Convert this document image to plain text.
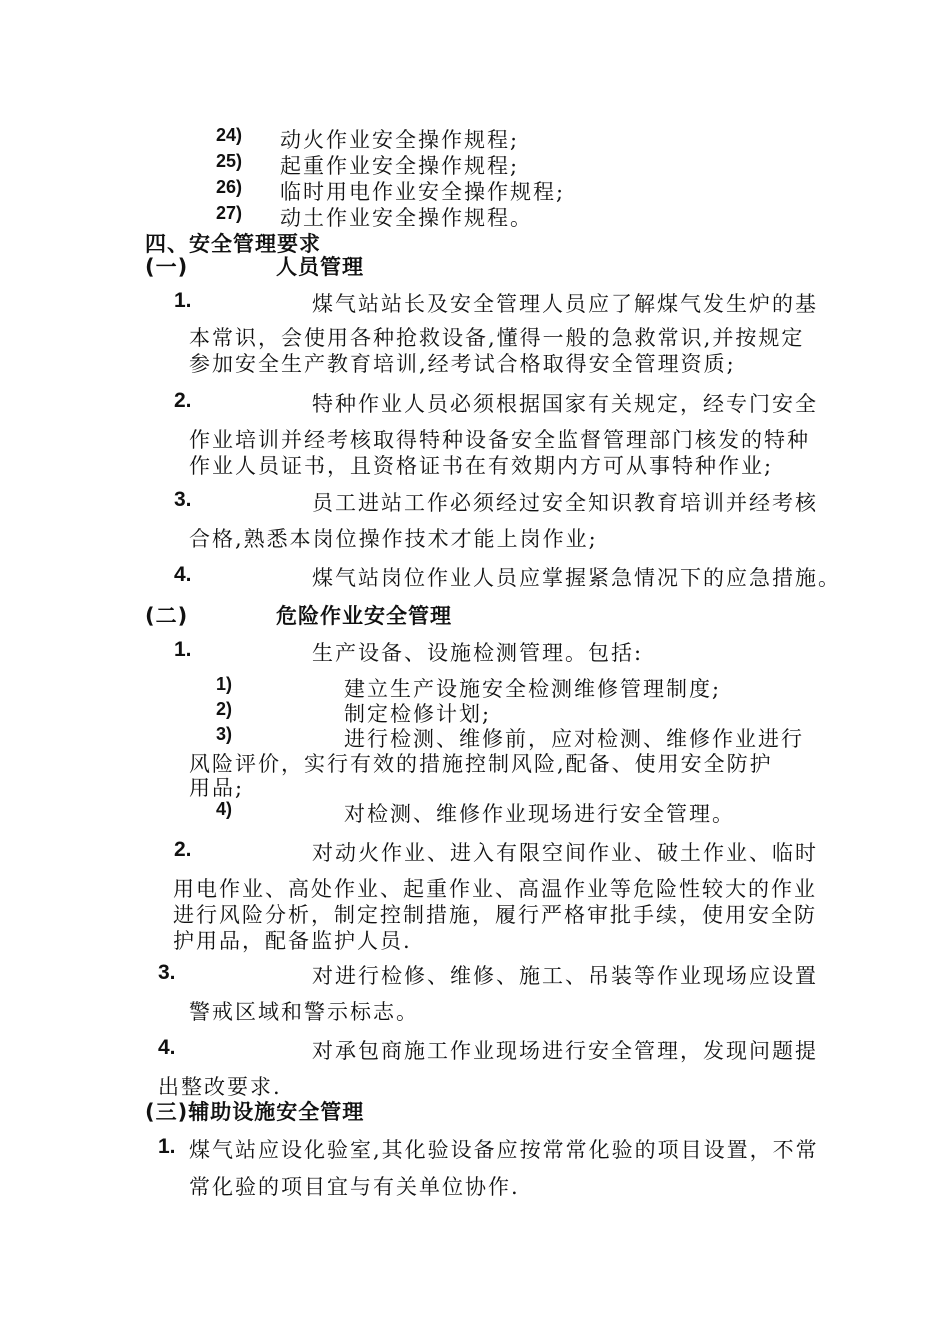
24) 动火作业安全操作规程;
25) 起重作业安全操作规程;
26) 临时用电作业安全操作规程;
27) 动土作业安全操作规程。
四、安全管理要求
(一)	人员管理
1.	煤气站站长及安全管理人员应了解煤气发生炉的基
本常识，会使用各种抢救设备,懂得一般的急救常识,并按规定
参加安全生产教育培训,经考试合格取得安全管理资质;
2.	特种作业人员必须根据国家有关规定，经专门安全
作业培训并经考核取得特种设备安全监督管理部门核发的特种
作业人员证书，且资格证书在有效期内方可从事特种作业;
3.	员工进站工作必须经过安全知识教育培训并经考核
合格,熟悉本岗位操作技术才能上岗作业;
4.	煤气站岗位作业人员应掌握紧急情况下的应急措施。
(二)	危险作业安全管理
1.	生产设备、设施检测管理。包括:
1)	建立生产设施安全检测维修管理制度;
2)	制定检修计划;
3)	进行检测、维修前，应对检测、维修作业进行
风险评价，实行有效的措施控制风险,配备、使用安全防护
用品;
4)	对检测、维修作业现场进行安全管理。
2.	对动火作业、进入有限空间作业、破土作业、临时
用电作业、高处作业、起重作业、高温作业等危险性较大的作业
进行风险分析，制定控制措施，履行严格审批手续，使用安全防
护用品，配备监护人员.
3.	对进行检修、维修、施工、吊装等作业现场应设置
警戒区域和警示标志。
4.	对承包商施工作业现场进行安全管理，发现问题提
出整改要求.
(三)辅助设施安全管理
1. 煤气站应设化验室,其化验设备应按常常化验的项目设置，不常
常化验的项目宜与有关单位协作.
